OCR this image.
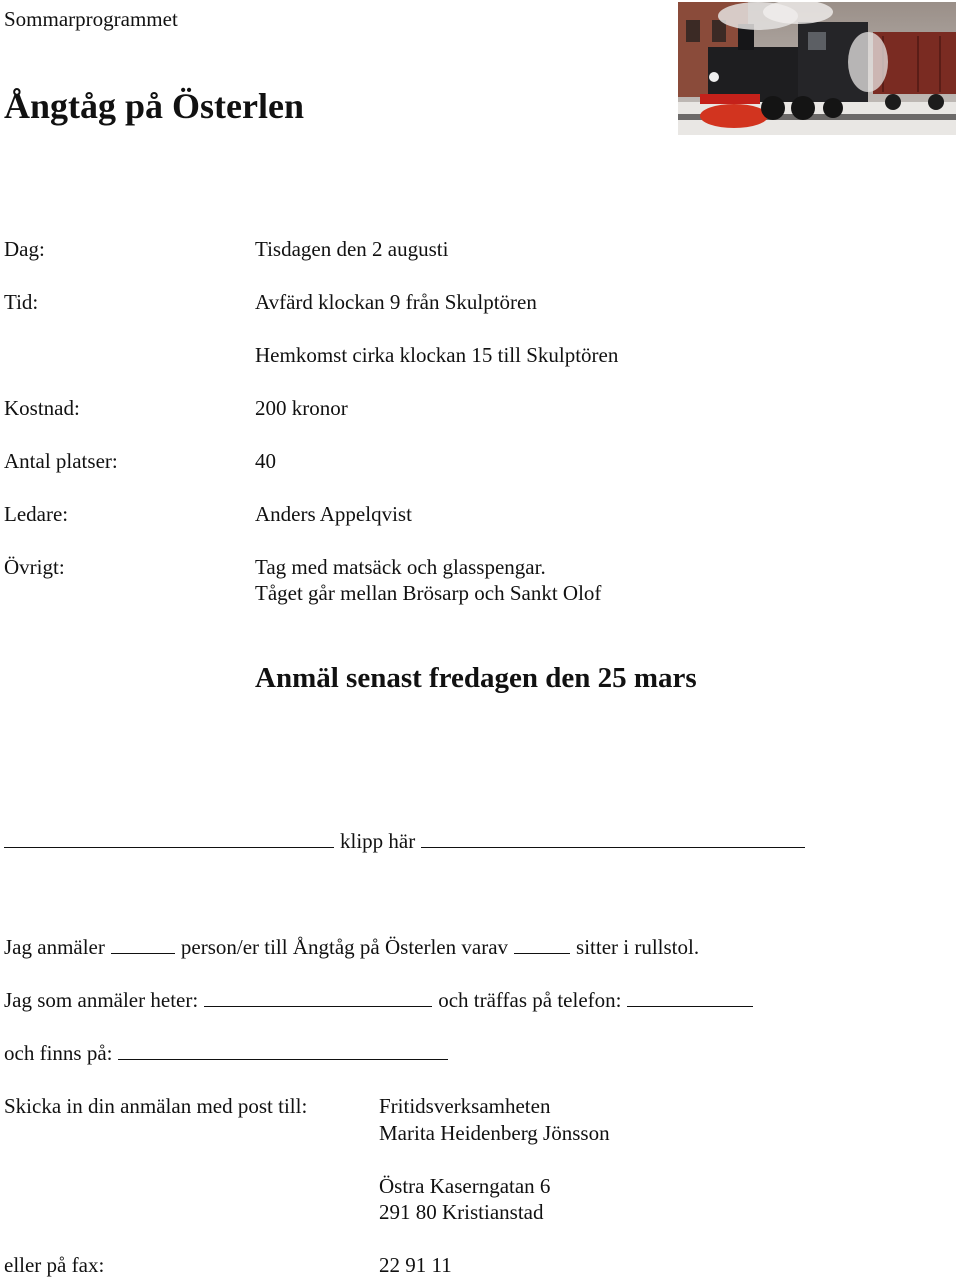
Sommarprogrammet
Ångtåg på Österlen
Dag:	Tisdagen den 2 augusti
Tid:	Avfärd klockan 9 från Skulptören
Hemkomst cirka klockan 15 till Skulptören
Kostnad:	200 kronor
Antal platser:	40
Ledare:	Anders Appelqvist
Övrigt:	Tag med matsäck och glasspengar.
Tåget går mellan Brösarp och Sankt Olof
Anmäl senast fredagen den 25 mars
klipp här
Jag anmäler	person/er till Ångtåg på Österlen varav	sitter i rullstol.
Jag som anmäler heter:	och träffas på telefon:
och finns på:
Skicka in din anmälan med post till:	Fritidsverksamheten
Marita Heidenberg Jönsson
Östra Kaserngatan 6
291 80 Kristianstad
eller på fax:	22 91 11
